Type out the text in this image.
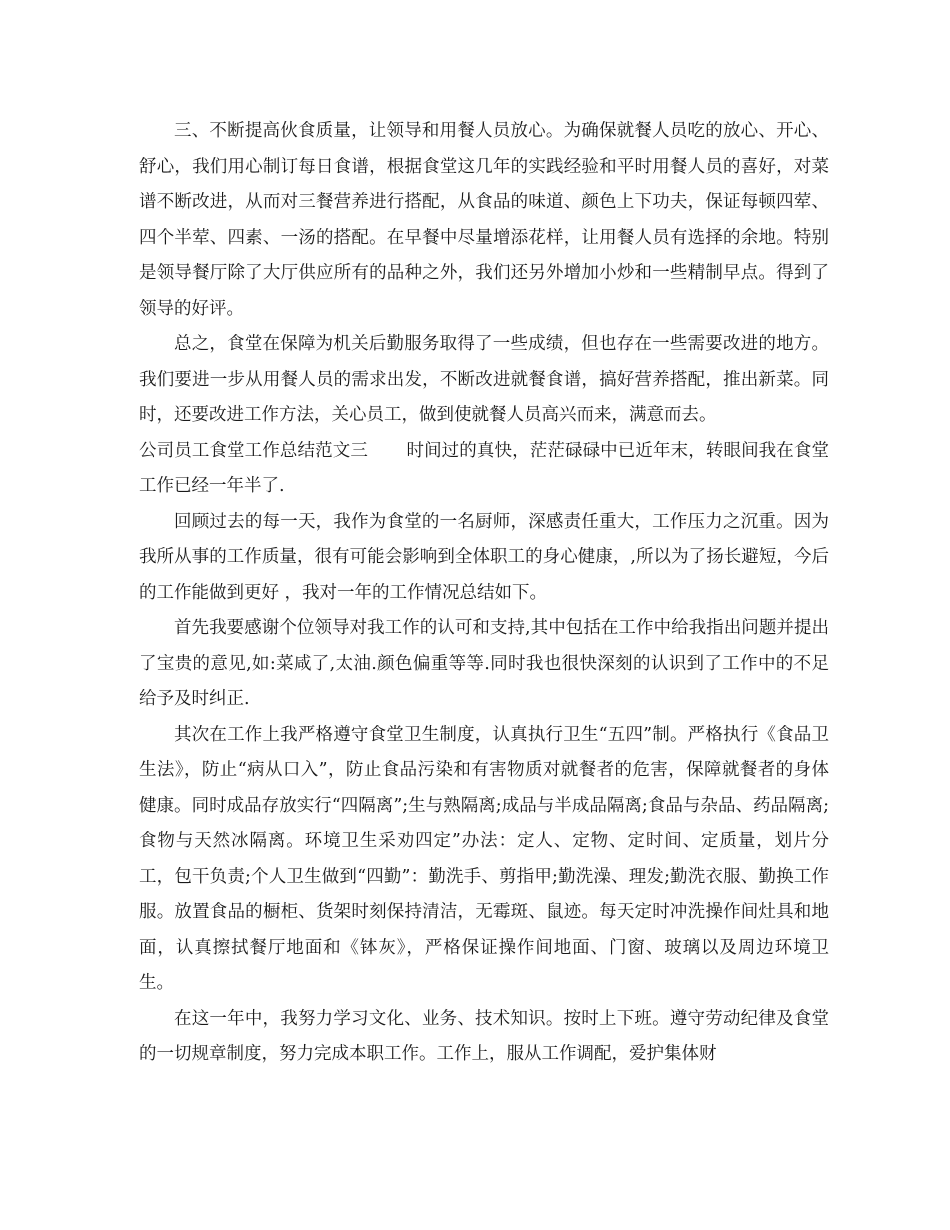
三、不断提高伙食质量，让领导和用餐人员放心。为确保就餐人员吃的放心、开心、舒心，我们用心制订每日食谱，根据食堂这几年的实践经验和平时用餐人员的喜好，对菜谱不断改进，从而对三餐营养进行搭配，从食品的味道、颜色上下功夫，保证每顿四荤、四个半荤、四素、一汤的搭配。在早餐中尽量增添花样，让用餐人员有选择的余地。特别是领导餐厅除了大厅供应所有的品种之外，我们还另外增加小炒和一些精制早点。得到了领导的好评。

总之，食堂在保障为机关后勤服务取得了一些成绩，但也存在一些需要改进的地方。我们要进一步从用餐人员的需求出发，不断改进就餐食谱，搞好营养搭配，推出新菜。同时，还要改进工作方法，关心员工，做到使就餐人员高兴而来，满意而去。

公司员工食堂工作总结范文三 时间过的真快，茫茫碌碌中已近年末，转眼间我在食堂工作已经一年半了.

回顾过去的每一天，我作为食堂的一名厨师，深感责任重大，工作压力之沉重。因为我所从事的工作质量，很有可能会影响到全体职工的身心健康，,所以为了扬长避短，今后的工作能做到更好 ，我对一年的工作情况总结如下。

首先我要感谢个位领导对我工作的认可和支持,其中包括在工作中给我指出问题并提出了宝贵的意见,如:菜咸了,太油.颜色偏重等等.同时我也很快深刻的认识到了工作中的不足给予及时纠正.

其次在工作上我严格遵守食堂卫生制度，认真执行卫生“五四”制。严格执行《食品卫生法》，防止“病从口入”，防止食品污染和有害物质对就餐者的危害，保障就餐者的身体健康。同时成品存放实行“四隔离”;生与熟隔离;成品与半成品隔离;食品与杂品、药品隔离;食物与天然冰隔离。环境卫生采劝四定”办法：定人、定物、定时间、定质量，划片分工，包干负责;个人卫生做到“四勤”：勤洗手、剪指甲;勤洗澡、理发;勤洗衣服、勤换工作服。放置食品的橱柜、货架时刻保持清洁，无霉斑、鼠迹。每天定时冲洗操作间灶具和地面，认真擦拭餐厅地面和《钵灰》，严格保证操作间地面、门窗、玻璃以及周边环境卫生。

在这一年中，我努力学习文化、业务、技术知识。按时上下班。遵守劳动纪律及食堂的一切规章制度，努力完成本职工作。工作上，服从工作调配，爱护集体财
